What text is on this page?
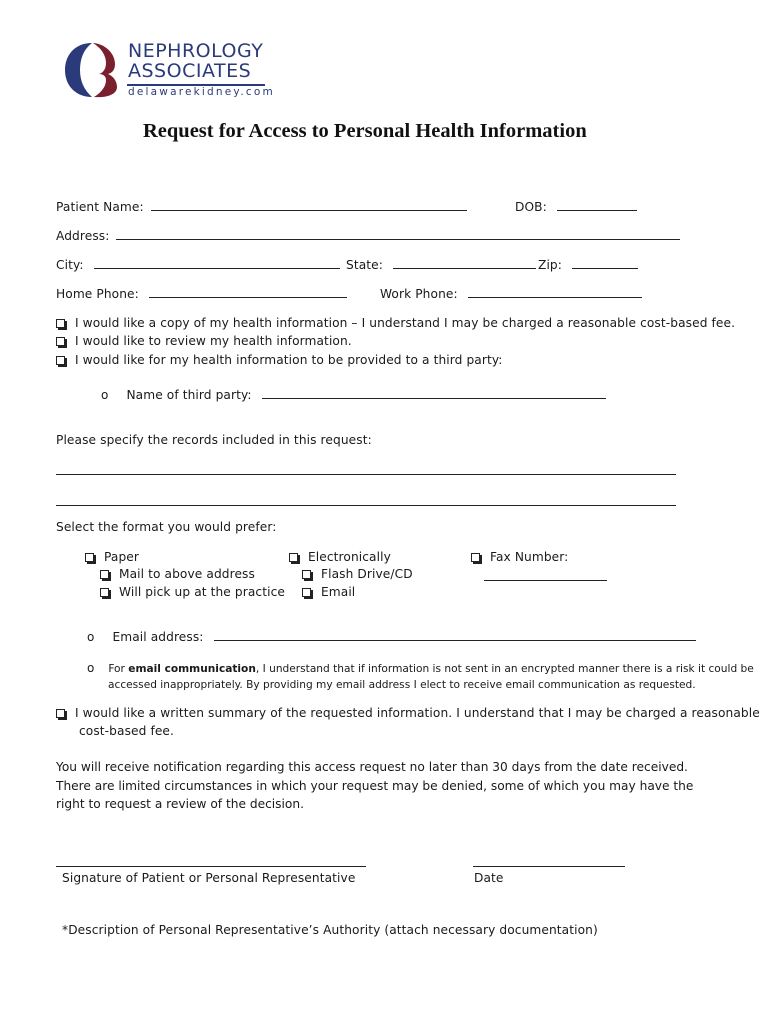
NEPHROLOGY
ASSOCIATES
delawarekidney.com
Request for Access to Personal Health Information
Patient Name:	DOB:
Address:
City:	State:	Zip:
Home Phone:	Work Phone:
I would like a copy of my health information – I understand I may be charged a reasonable cost-based fee.
I would like to review my health information.
I would like for my health information to be provided to a third party:
o Name of third party:
Please specify the records included in this request:
Select the format you would prefer:
Paper
Mail to above address
Will pick up at the practice
Electronically
Flash Drive/CD
Email
Fax Number:
o Email address:
o For email communication, I understand that if information is not sent in an encrypted manner there is a risk it could be
accessed inappropriately. By providing my email address I elect to receive email communication as requested.
I would like a written summary of the requested information. I understand that I may be charged a reasonable
cost-based fee.
You will receive notification regarding this access request no later than 30 days from the date received. There are limited circumstances in which your request may be denied, some of which you may have the right to request a review of the decision.
Signature of Patient or Personal Representative	Date
*Description of Personal Representative’s Authority (attach necessary documentation)
